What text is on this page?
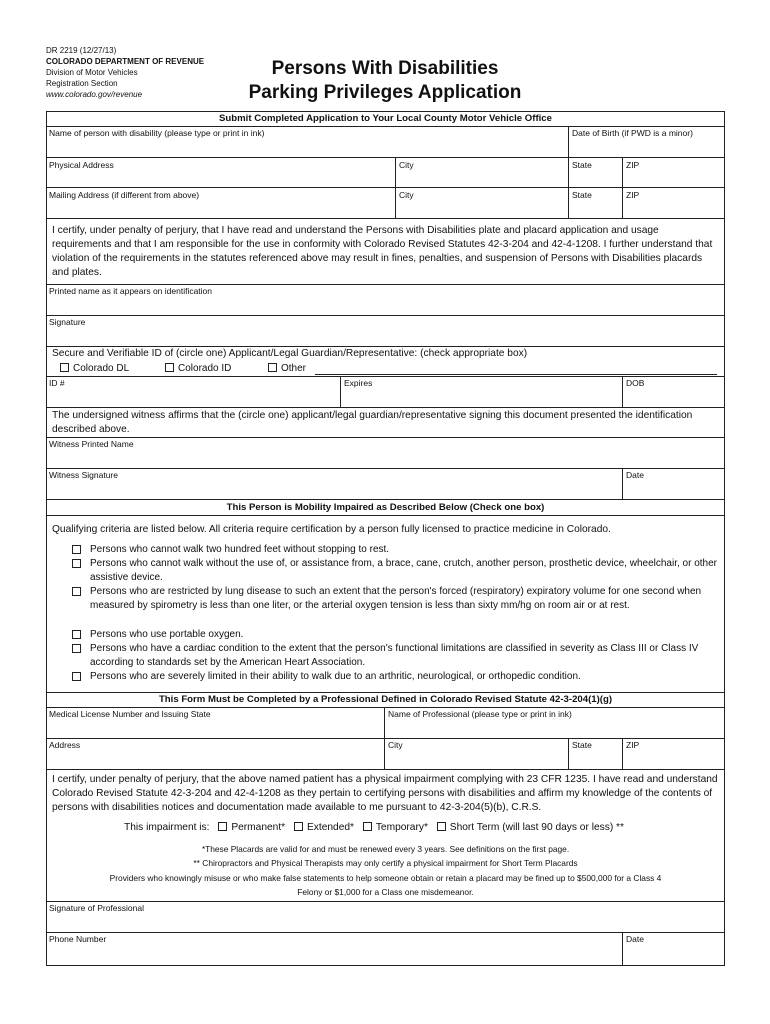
DR 2219 (12/27/13)
COLORADO DEPARTMENT OF REVENUE
Division of Motor Vehicles
Registration Section
www.colorado.gov/revenue
Persons With Disabilities
Parking Privileges Application
Submit Completed Application to Your Local County Motor Vehicle Office
Name of person with disability (please type or print in ink)	Date of Birth (if PWD is a minor)
Physical Address	City	State	ZIP
Mailing Address (if different from above)	City	State	ZIP
I certify, under penalty of perjury, that I have read and understand the Persons with Disabilities plate and placard application and usage requirements and that I am responsible for the use in conformity with Colorado Revised Statutes 42-3-204 and 42-4-1208. I further understand that violation of the requirements in the statutes referenced above may result in fines, penalties, and suspension of Persons with Disabilities placards and plates.
Printed name as it appears on identification
Signature
Secure and Verifiable ID of (circle one) Applicant/Legal Guardian/Representative: (check appropriate box)
Colorado DL	Colorado ID	Other
ID #	Expires	DOB
The undersigned witness affirms that the (circle one) applicant/legal guardian/representative signing this document presented the identification described above.
Witness Printed Name
Witness Signature	Date
This Person is Mobility Impaired as Described Below (Check one box)
Qualifying criteria are listed below. All criteria require certification by a person fully licensed to practice medicine in Colorado.
Persons who cannot walk two hundred feet without stopping to rest.
Persons who cannot walk without the use of, or assistance from, a brace, cane, crutch, another person, prosthetic device, wheelchair, or other assistive device.
Persons who are restricted by lung disease to such an extent that the person's forced (respiratory) expiratory volume for one second when measured by spirometry is less than one liter, or the arterial oxygen tension is less than sixty mm/hg on room air or at rest.
Persons who use portable oxygen.
Persons who have a cardiac condition to the extent that the person's functional limitations are classified in severity as Class III or Class IV according to standards set by the American Heart Association.
Persons who are severely limited in their ability to walk due to an arthritic, neurological, or orthopedic condition.
This Form Must be Completed by a Professional Defined in Colorado Revised Statute 42-3-204(1)(g)
Medical License Number and Issuing State	Name of Professional (please type or print in ink)
Address	City	State	ZIP
I certify, under penalty of perjury, that the above named patient has a physical impairment complying with 23 CFR 1235. I have read and understand Colorado Revised Statute 42-3-204 and 42-4-1208 as they pertain to certifying persons with disabilities and affirm my knowledge of the contents of persons with disabilities notices and documentation made available to me pursuant to 42-3-204(5)(b), C.R.S.
This impairment is: Permanent* Extended* Temporary* Short Term (will last 90 days or less) **
*These Placards are valid for and must be renewed every 3 years. See definitions on the first page.
** Chiropractors and Physical Therapists may only certify a physical impairment for Short Term Placards
Providers who knowingly misuse or who make false statements to help someone obtain or retain a placard may be fined up to $500,000 for a Class 4
Felony or $1,000 for a Class one misdemeanor.
Signature of Professional
Phone Number	Date
